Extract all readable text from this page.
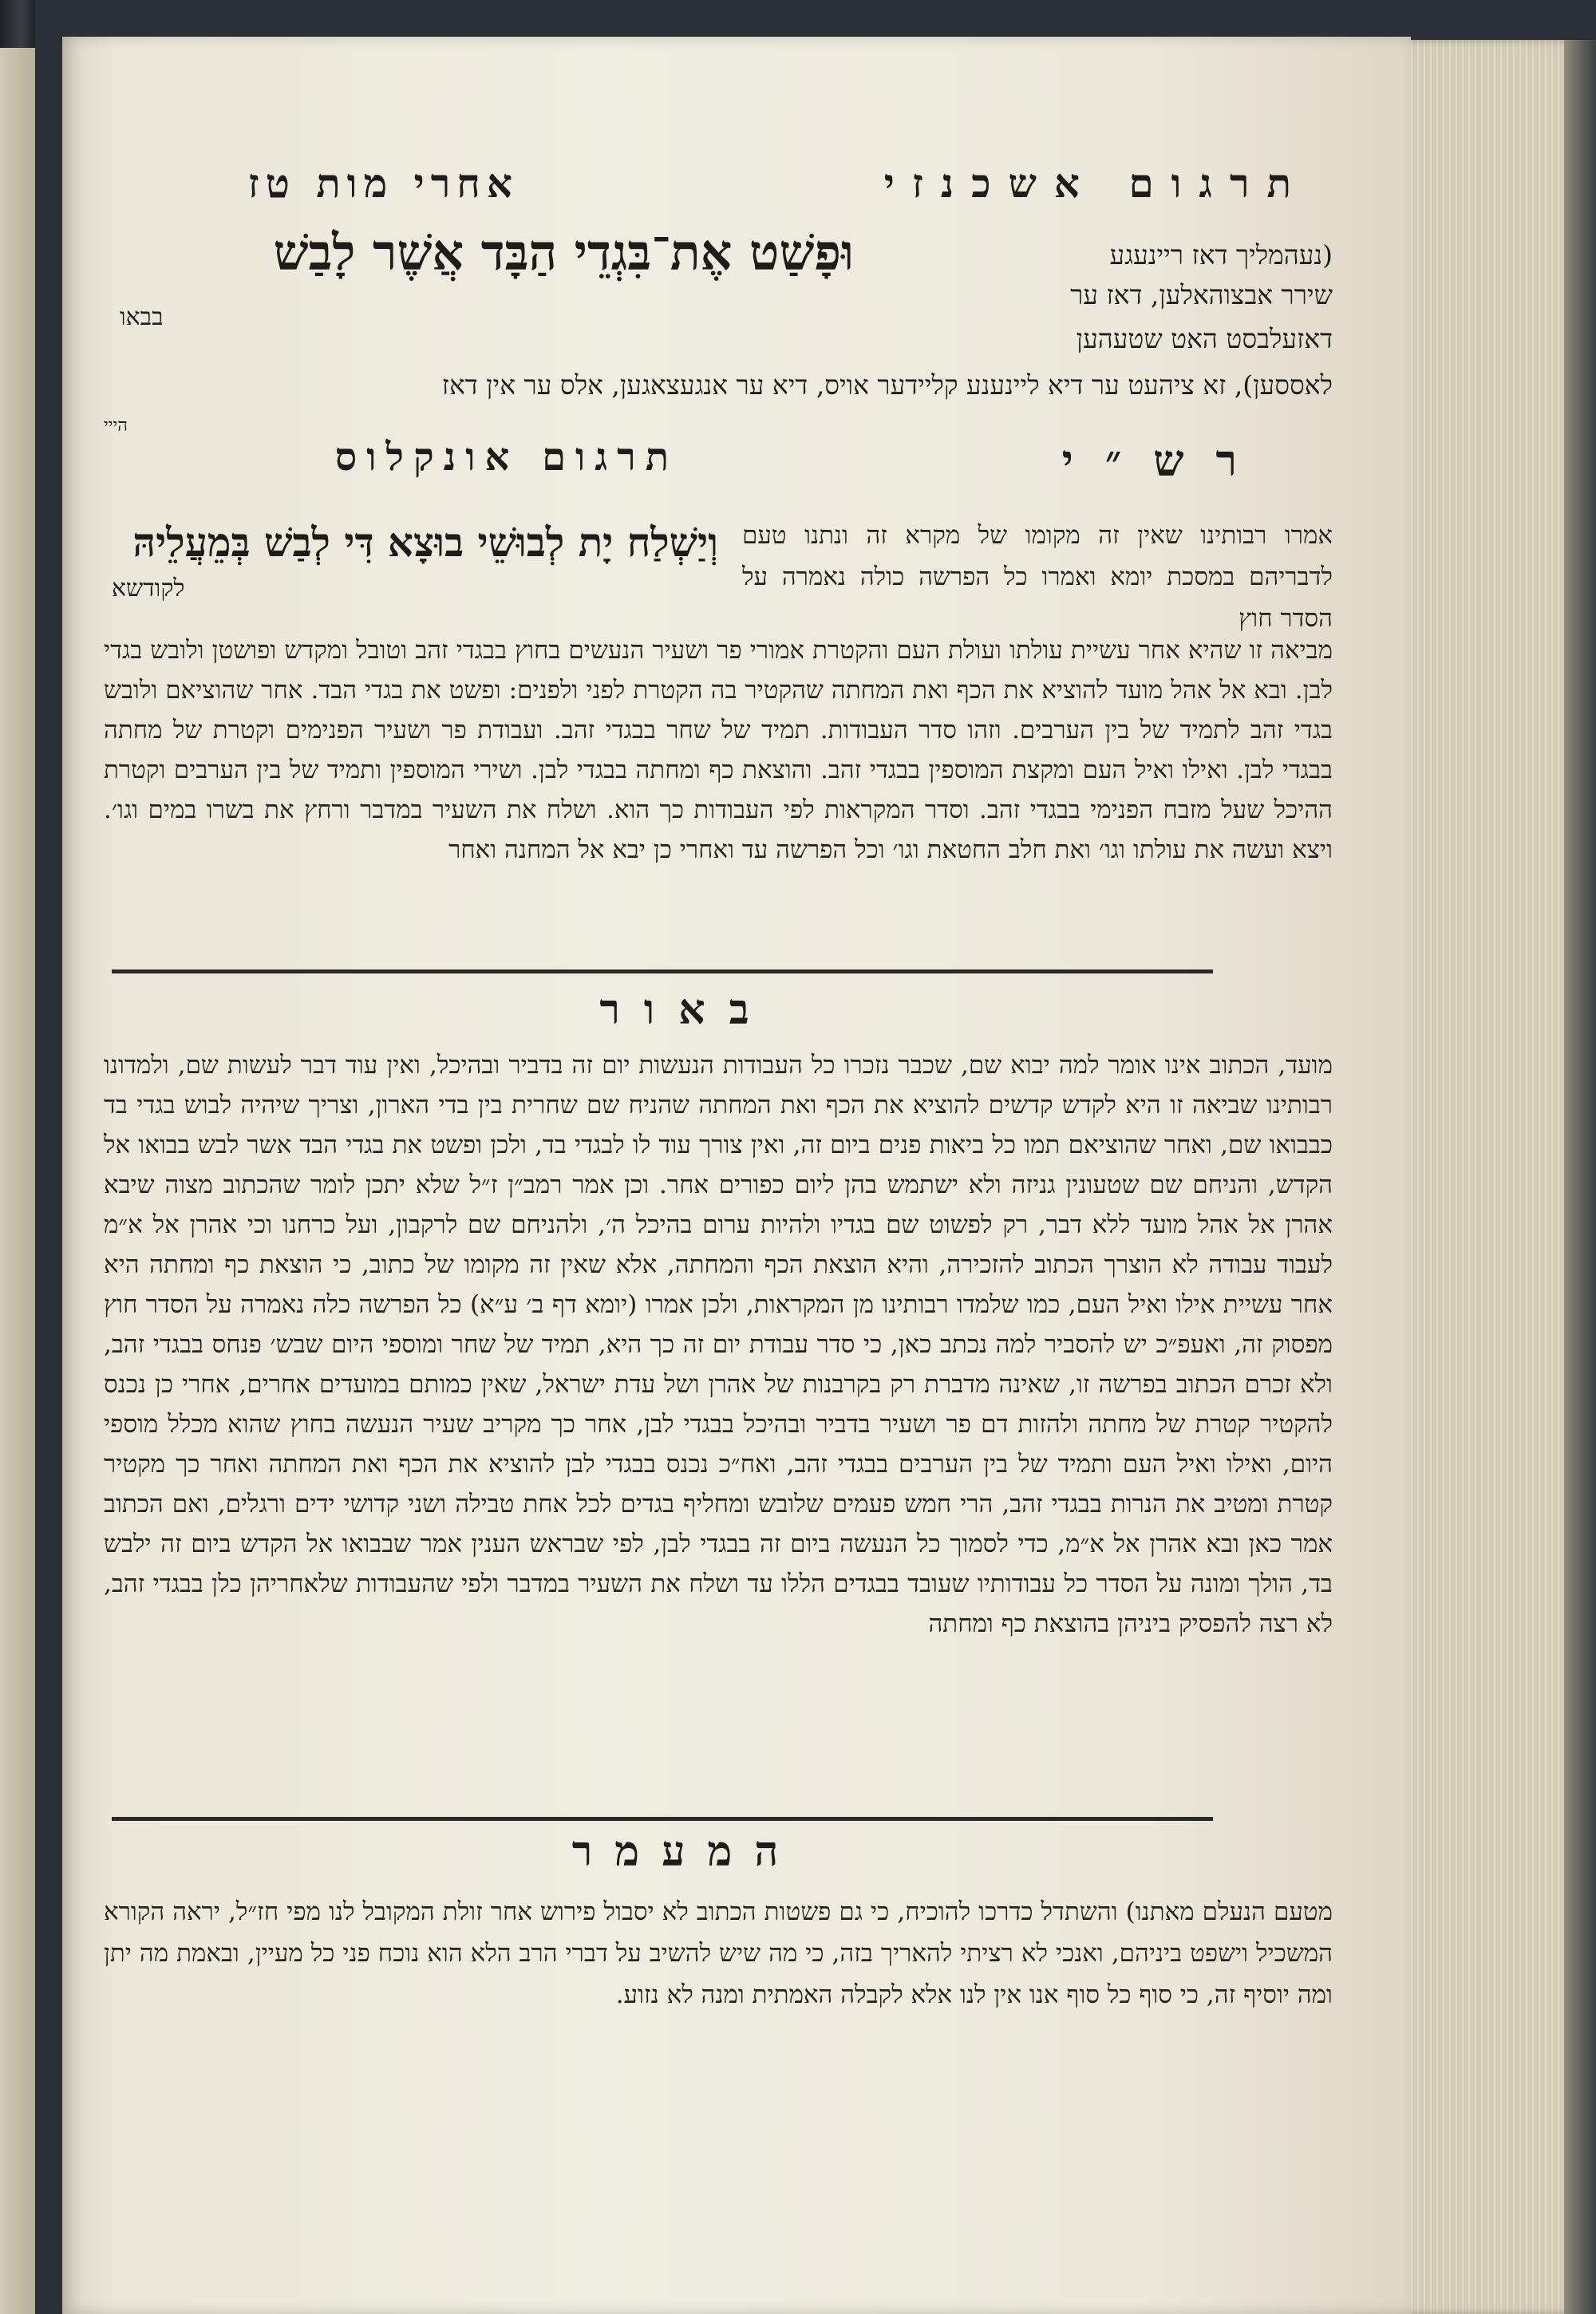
תרגום אשכנזי
אחרי מות טז
וּפָשַׁט אֶת־בִּגְדֵי הַבָּד אֲשֶׁר לָבַשׁ
בבאו
(נעהמליך דאז ריינעגע
שירר אבצוהאלען, דאז ער
דאזעלבסט האט שטעהען
לאססען), זא ציהעט ער דיא ליינענע קליידער אויס, דיא ער אנגעצאגען, אלס ער אין דאז
הייי
רש״י
תרגום אונקלוס
וְיַשְׁלַח יָת לְבוּשֵׁי בוּצָא דִּי לְבַשׁ בְּמֵעֲלֵיהּ
לקודשא

אמרו רבותינו שאין זה מקומו של מקרא זה ונתנו טעם לדבריהם במסכת יומא ואמרו כל הפרשה כולה נאמרה על הסדר חוץ

מביאה זו שהיא אחר עשיית עולתו ועולת העם והקטרת אמורי פר ושעיר הנעשים בחוץ בבגדי זהב וטובל ומקדש ופושטן ולובש בגדי לבן. ובא אל אהל מועד להוציא את הכף ואת המחתה שהקטיר בה הקטרת לפני ולפנים: ופשט את בגדי הבד. אחר שהוציאם ולובש בגדי זהב לתמיד של בין הערבים. וזהו סדר העבודות. תמיד של שחר בבגדי זהב. ועבודת פר ושעיר הפנימים וקטרת של מחתה בבגדי לבן. ואילו ואיל העם ומקצת המוספין בבגדי זהב. והוצאת כף ומחתה בבגדי לבן. ושירי המוספין ותמיד של בין הערבים וקטרת ההיכל שעל מזבח הפנימי בבגדי זהב. וסדר המקראות לפי העבודות כך הוא. ושלח את השעיר במדבר ורחץ את בשרו במים וגו׳. ויצא ועשה את עולתו וגו׳ ואת חלב החטאת וגו׳ וכל הפרשה עד ואחרי כן יבא אל המחנה ואחר

באור

מועד, הכתוב אינו אומר למה יבוא שם, שכבר נזכרו כל העבודות הנעשות יום זה בדביר ובהיכל, ואין עוד דבר לעשות שם, ולמדונו רבותינו שביאה זו היא לקדש קדשים להוציא את הכף ואת המחתה שהניח שם שחרית בין בדי הארון, וצריך שיהיה לבוש בגדי בד כבבואו שם, ואחר שהוציאם תמו כל ביאות פנים ביום זה, ואין צורך עוד לו לבגדי בד, ולכן ופשט את בגדי הבד אשר לבש בבואו אל הקדש, והניחם שם שטעונין גניזה ולא ישתמש בהן ליום כפורים אחר. וכן אמר רמב״ן ז״ל שלא יתכן לומר שהכתוב מצוה שיבא אהרן אל אהל מועד ללא דבר, רק לפשוט שם בגדיו ולהיות ערום בהיכל ה׳, ולהניחם שם לרקבון, ועל כרחנו וכי אהרן אל א״מ לעבוד עבודה לא הוצרך הכתוב להזכירה, והיא הוצאת הכף והמחתה, אלא שאין זה מקומו של כתוב, כי הוצאת כף ומחתה היא אחר עשיית אילו ואיל העם, כמו שלמדו רבותינו מן המקראות, ולכן אמרו (יומא דף ב׳ ע״א) כל הפרשה כלה נאמרה על הסדר חוץ מפסוק זה, ואעפ״כ יש להסביר למה נכתב כאן, כי סדר עבודת יום זה כך היא, תמיד של שחר ומוספי היום שבש׳ פנחס בבגדי זהב, ולא זכרם הכתוב בפרשה זו, שאינה מדברת רק בקרבנות של אהרן ושל עדת ישראל, שאין כמותם במועדים אחרים, אחרי כן נכנס להקטיר קטרת של מחתה ולהזות דם פר ושעיר בדביר ובהיכל בבגדי לבן, אחר כך מקריב שעיר הנעשה בחוץ שהוא מכלל מוספי היום, ואילו ואיל העם ותמיד של בין הערבים בבגדי זהב, ואח״כ נכנס בבגדי לבן להוציא את הכף ואת המחתה ואחר כך מקטיר קטרת ומטיב את הנרות בבגדי זהב, הרי חמש פעמים שלובש ומחליף בגדים לכל אחת טבילה ושני קדושי ידים ורגלים, ואם הכתוב אמר כאן ובא אהרן אל א״מ, כדי לסמוך כל הנעשה ביום זה בבגדי לבן, לפי שבראש הענין אמר שבבואו אל הקדש ביום זה ילבש בד, הולך ומונה על הסדר כל עבודותיו שעובד בבגדים הללו עד ושלח את השעיר במדבר ולפי שהעבודות שלאחריהן כלן בבגדי זהב, לא רצה להפסיק ביניהן בהוצאת כף ומחתה

המעמר

מטעם הנעלם מאתנו) והשתדל כדרכו להוכיח, כי גם פשטות הכתוב לא יסבול פירוש אחר זולת המקובל לנו מפי חז״ל, יראה הקורא המשכיל וישפט ביניהם, ואנכי לא רציתי להאריך בזה, כי מה שיש להשיב על דברי הרב הלא הוא נוכח פני כל מעיין, ובאמת מה יתן ומה יוסיף זה, כי סוף כל סוף אנו אין לנו אלא לקבלה האמתית ומנה לא נזוע.
